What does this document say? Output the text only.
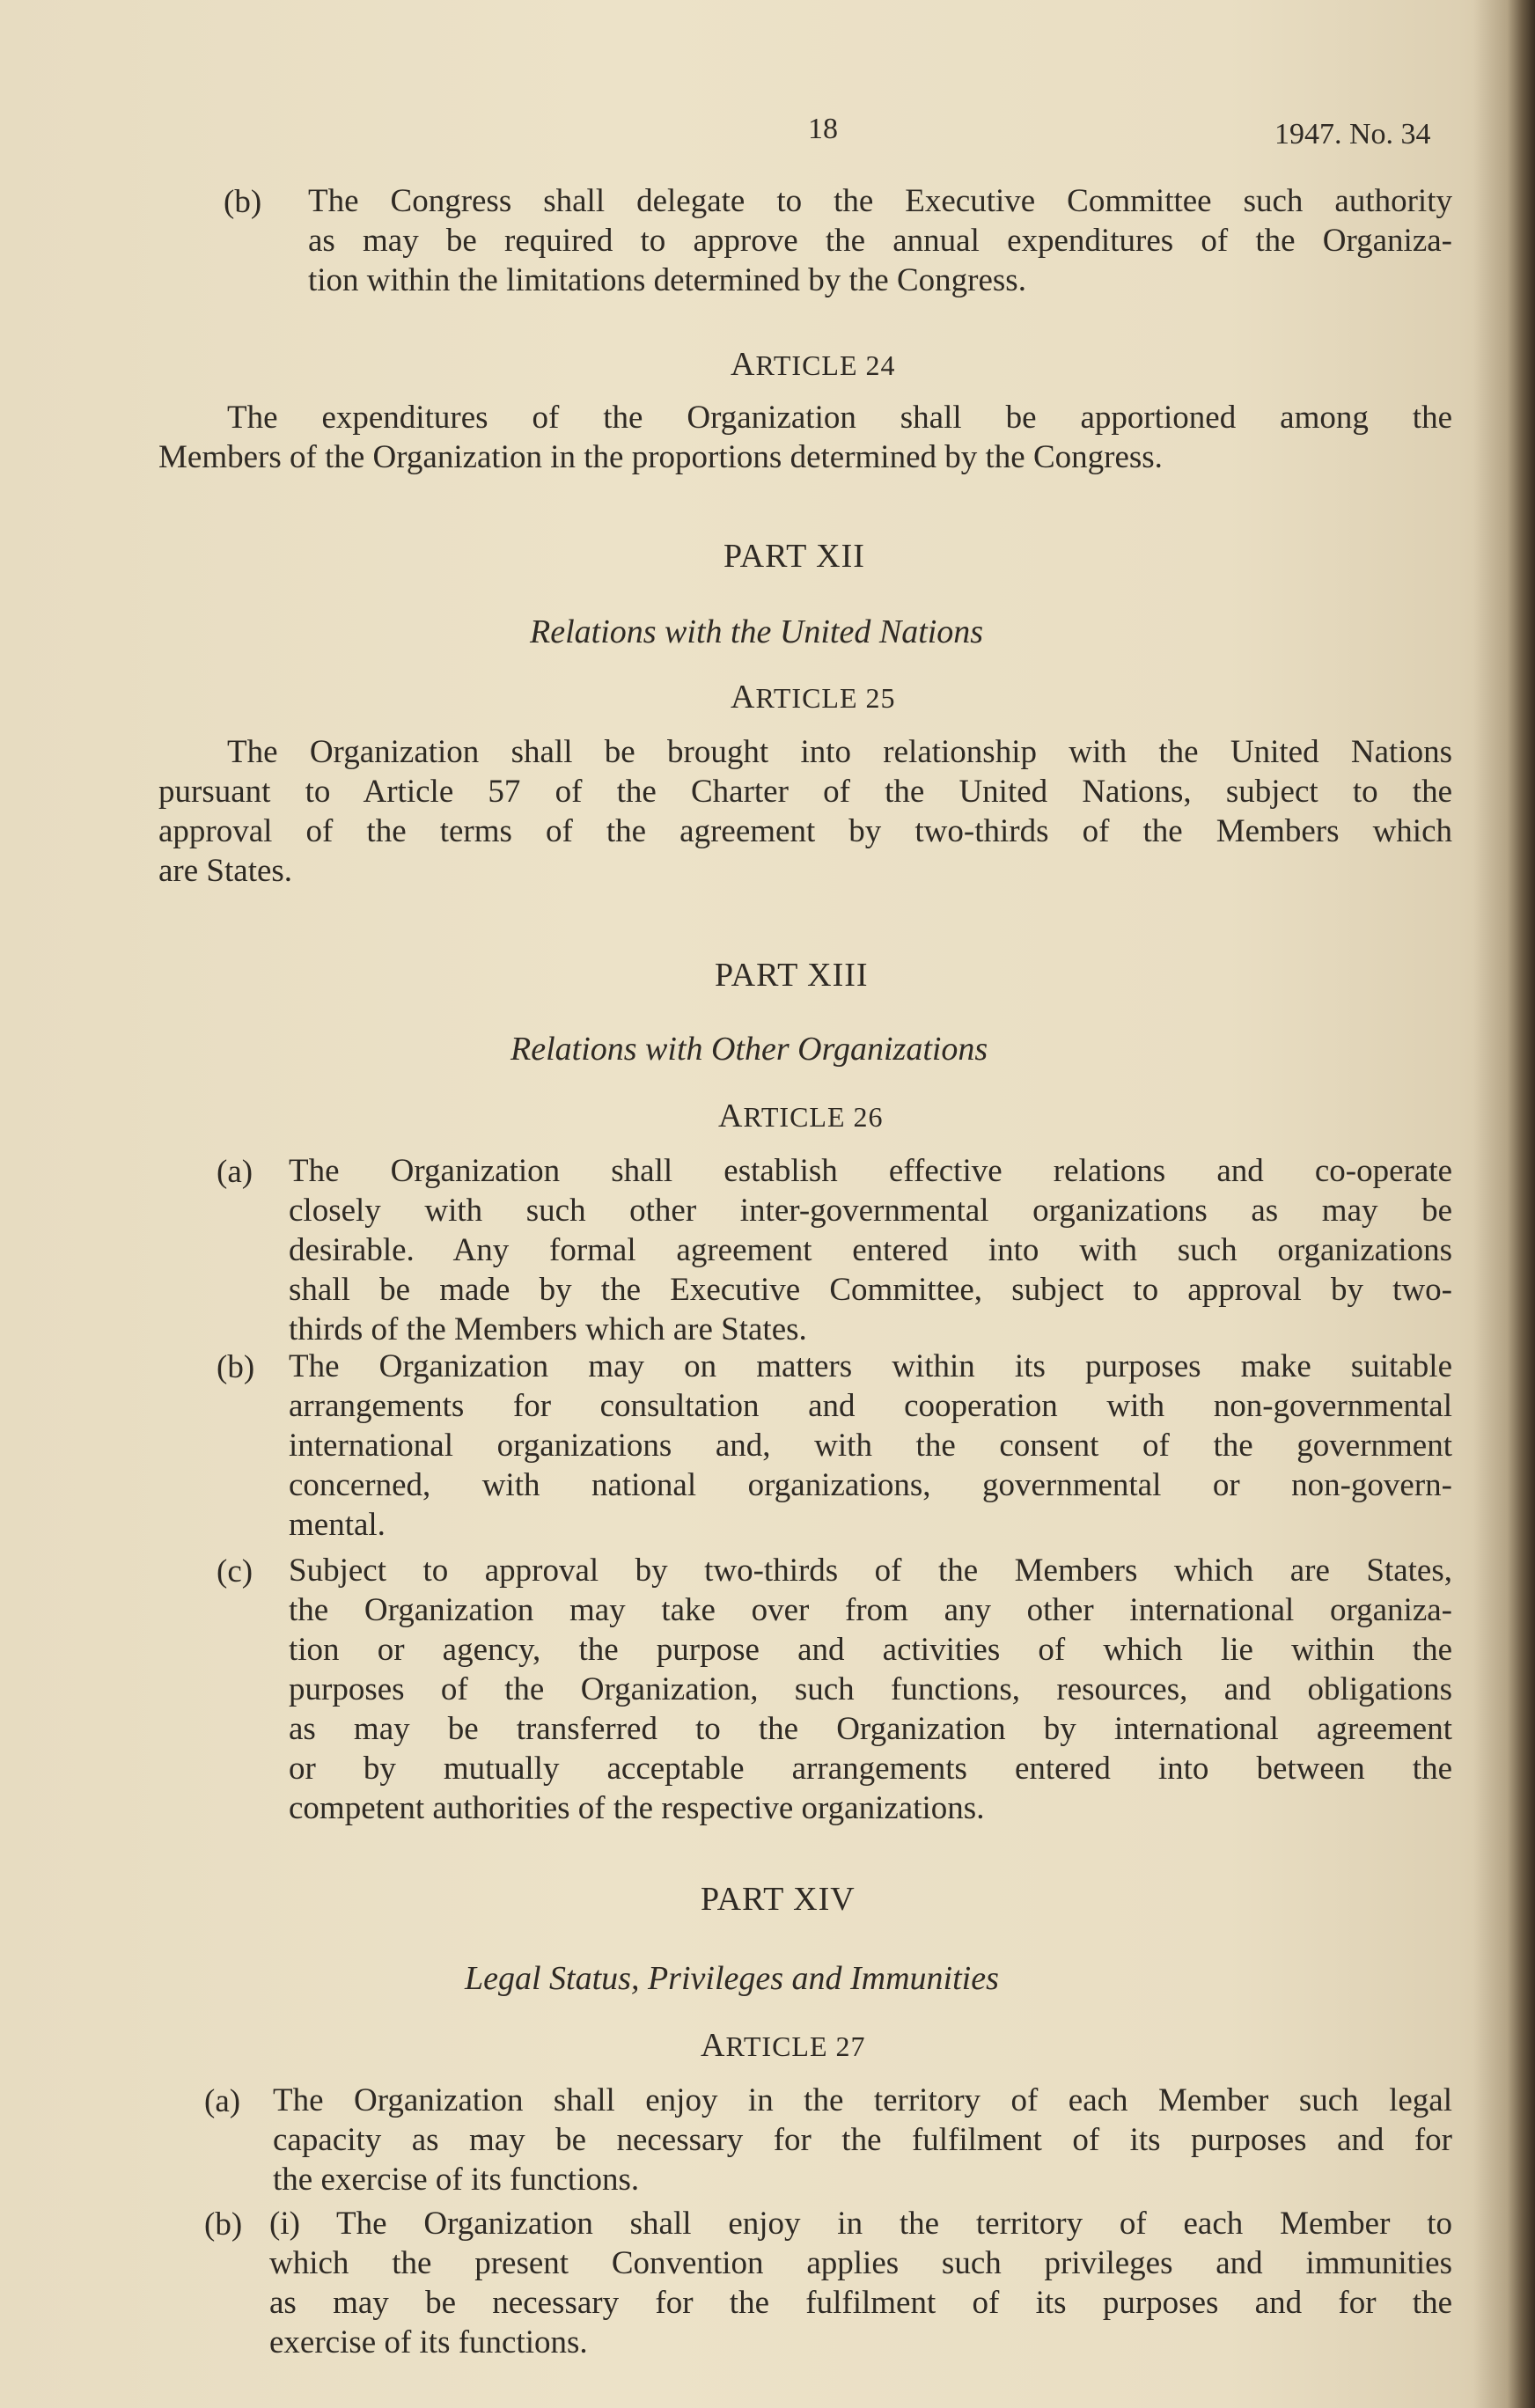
18	1947. No. 34
(b) The Congress shall delegate to the Executive Committee such authority
as may be required to approve the annual expenditures of the Organiza-
tion within the limitations determined by the Congress.
ARTICLE 24
The expenditures of the Organization shall be apportioned among the
Members of the Organization in the proportions determined by the Congress.
PART XII
Relations with the United Nations
ARTICLE 25
The Organization shall be brought into relationship with the United Nations
pursuant to Article 57 of the Charter of the United Nations, subject to the
approval of the terms of the agreement by two-thirds of the Members which
are States.
PART XIII
Relations with Other Organizations
ARTICLE 26
(a) The Organization shall establish effective relations and co-operate
closely with such other inter-governmental organizations as may be
desirable. Any formal agreement entered into with such organizations
shall be made by the Executive Committee, subject to approval by two-
thirds of the Members which are States.
(b) The Organization may on matters within its purposes make suitable
arrangements for consultation and cooperation with non-governmental
international organizations and, with the consent of the government
concerned, with national organizations, governmental or non-govern-
mental.
(c) Subject to approval by two-thirds of the Members which are States,
the Organization may take over from any other international organiza-
tion or agency, the purpose and activities of which lie within the
purposes of the Organization, such functions, resources, and obligations
as may be transferred to the Organization by international agreement
or by mutually acceptable arrangements entered into between the
competent authorities of the respective organizations.
PART XIV
Legal Status, Privileges and Immunities
ARTICLE 27
(a) The Organization shall enjoy in the territory of each Member such legal
capacity as may be necessary for the fulfilment of its purposes and for
the exercise of its functions.
(b) (i) The Organization shall enjoy in the territory of each Member to
which the present Convention applies such privileges and immunities
as may be necessary for the fulfilment of its purposes and for the
exercise of its functions.
